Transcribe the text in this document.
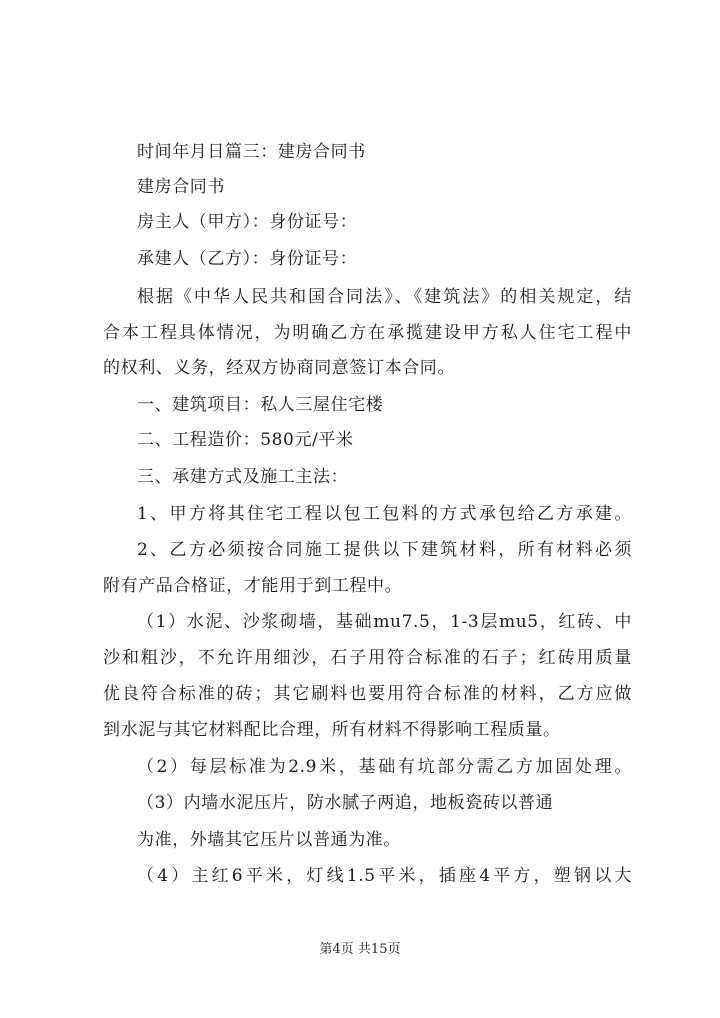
时间年月日篇三：建房合同书
建房合同书
房主人（甲方）：身份证号：
承建人（乙方）：身份证号：
根据《中华人民共和国合同法》、《建筑法》的相关规定，结
合本工程具体情况，为明确乙方在承揽建设甲方私人住宅工程中
的权利、义务，经双方协商同意签订本合同。
一、建筑项目：私人三屋住宅楼
二、工程造价：580元/平米
三、承建方式及施工主法：
1、甲方将其住宅工程以包工包料的方式承包给乙方承建。
2、乙方必须按合同施工提供以下建筑材料，所有材料必须
附有产品合格证，才能用于到工程中。
（1）水泥、沙浆砌墙，基础mu7.5，1-3层mu5，红砖、中
沙和粗沙，不允许用细沙，石子用符合标准的石子；红砖用质量
优良符合标准的砖；其它刷料也要用符合标准的材料，乙方应做
到水泥与其它材料配比合理，所有材料不得影响工程质量。
（2）每层标准为2.9米，基础有坑部分需乙方加固处理。
（3）内墙水泥压片，防水腻子两追，地板瓷砖以普通
为准，外墙其它压片以普通为准。
（4）主红6平米，灯线1.5平米，插座4平方，塑钢以大
第4页 共15页
